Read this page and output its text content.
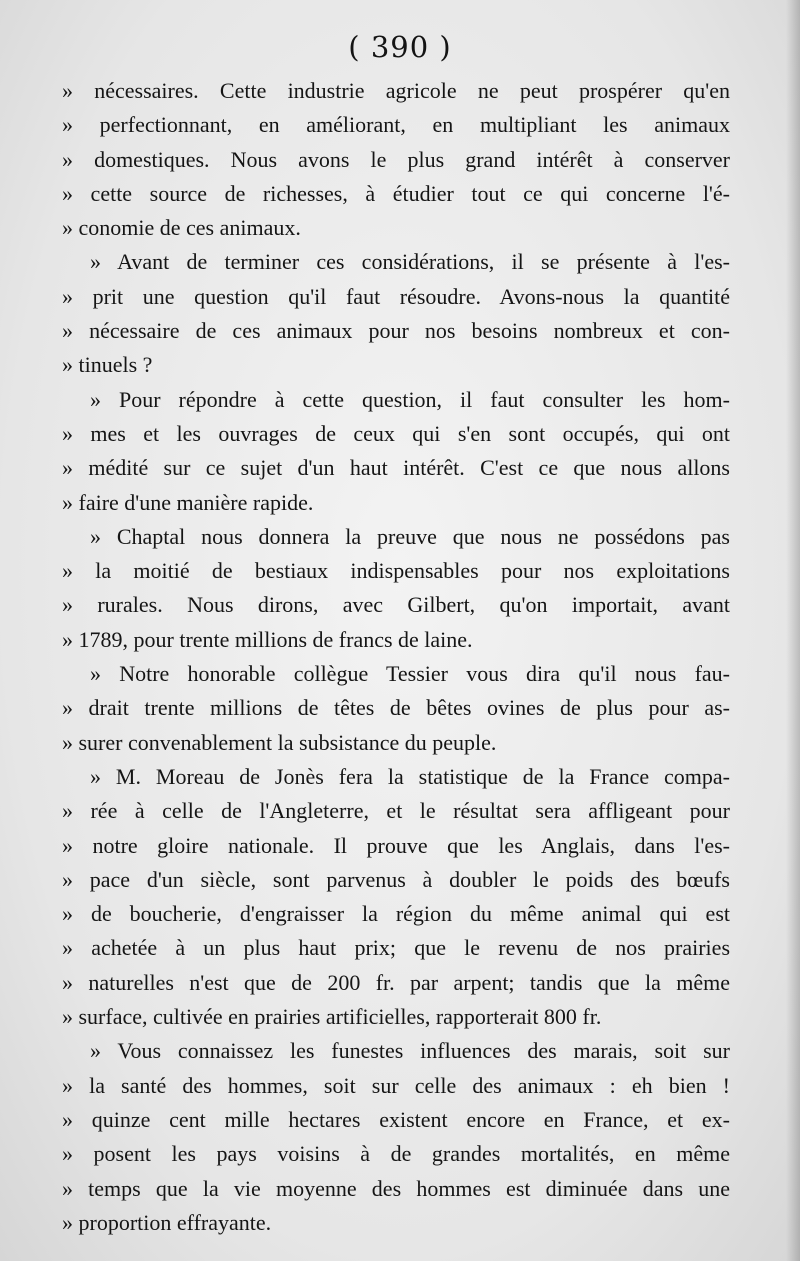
( 390 )
» nécessaires. Cette industrie agricole ne peut prospérer qu'en
» perfectionnant, en améliorant, en multipliant les animaux
» domestiques. Nous avons le plus grand intérêt à conserver
» cette source de richesses, à étudier tout ce qui concerne l'é-
» conomie de ces animaux.
» Avant de terminer ces considérations, il se présente à l'es-
» prit une question qu'il faut résoudre. Avons-nous la quantité
» nécessaire de ces animaux pour nos besoins nombreux et con-
» tinuels ?
» Pour répondre à cette question, il faut consulter les hom-
» mes et les ouvrages de ceux qui s'en sont occupés, qui ont
» médité sur ce sujet d'un haut intérêt. C'est ce que nous allons
» faire d'une manière rapide.
» Chaptal nous donnera la preuve que nous ne possédons pas
» la moitié de bestiaux indispensables pour nos exploitations
» rurales. Nous dirons, avec Gilbert, qu'on importait, avant
» 1789, pour trente millions de francs de laine.
» Notre honorable collègue Tessier vous dira qu'il nous fau-
» drait trente millions de têtes de bêtes ovines de plus pour as-
» surer convenablement la subsistance du peuple.
» M. Moreau de Jonès fera la statistique de la France compa-
» rée à celle de l'Angleterre, et le résultat sera affligeant pour
» notre gloire nationale. Il prouve que les Anglais, dans l'es-
» pace d'un siècle, sont parvenus à doubler le poids des bœufs
» de boucherie, d'engraisser la région du même animal qui est
» achetée à un plus haut prix; que le revenu de nos prairies
» naturelles n'est que de 200 fr. par arpent; tandis que la même
» surface, cultivée en prairies artificielles, rapporterait 800 fr.
» Vous connaissez les funestes influences des marais, soit sur
» la santé des hommes, soit sur celle des animaux : eh bien !
» quinze cent mille hectares existent encore en France, et ex-
» posent les pays voisins à de grandes mortalités, en même
» temps que la vie moyenne des hommes est diminuée dans une
» proportion effrayante.
